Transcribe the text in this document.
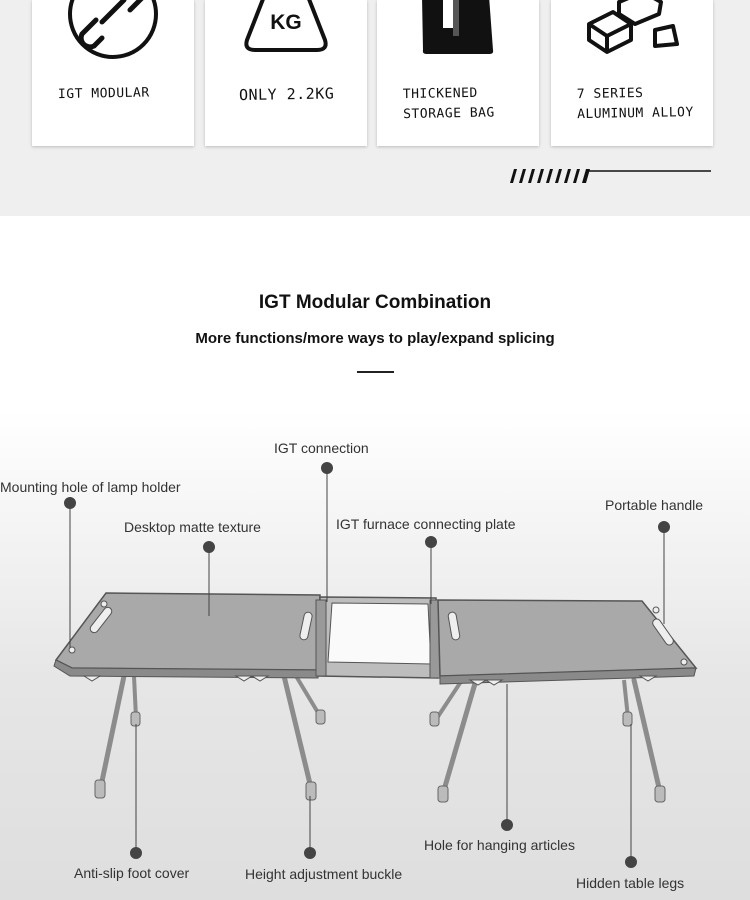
IGT MODULAR
KG
ONLY 2.2KG	THICKENED STORAGE BAG
7 SERIES ALUMINUM ALLOY
IGT Modular Combination
More functions/more ways to play/expand splicing
IGT connection
Mounting hole of lamp holder
Desktop matte texture	IGT furnace connecting plate
Portable handle
Anti-slip foot cover	Height adjustment buckle
Hole for hanging articles
Hidden table legs
